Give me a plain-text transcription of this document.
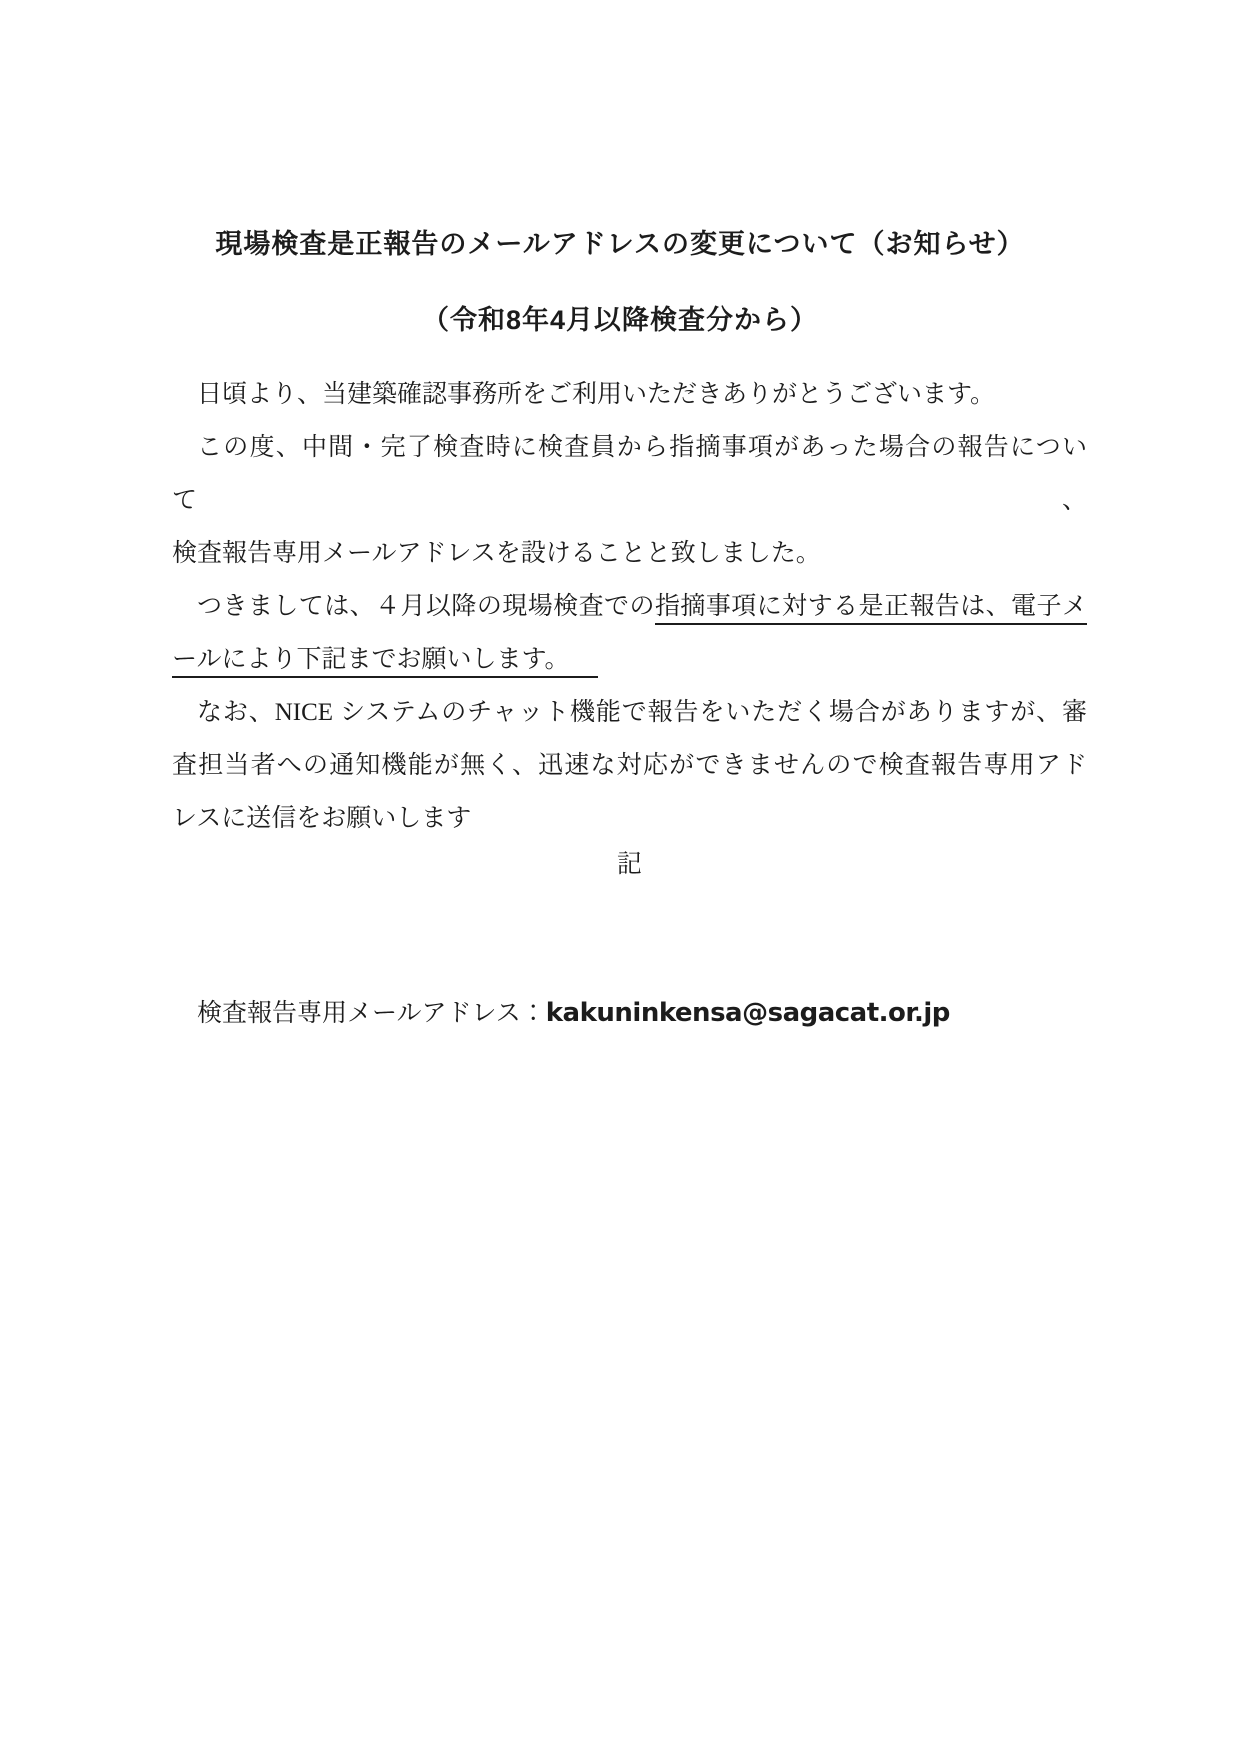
現場検査是正報告のメールアドレスの変更について（お知らせ）
（令和8年4月以降検査分から）
日頃より、当建築確認事務所をご利用いただきありがとうございます。
この度、中間・完了検査時に検査員から指摘事項があった場合の報告について、
検査報告専用メールアドレスを設けることと致しました。
つきましては、４月以降の現場検査での指摘事項に対する是正報告は、電子メ
ールにより下記までお願いします。
なお、NICE システムのチャット機能で報告をいただく場合がありますが、審
査担当者への通知機能が無く、迅速な対応ができませんので検査報告専用アド
レスに送信をお願いします
記
検査報告専用メールアドレス：kakuninkensa@sagacat.or.jp
